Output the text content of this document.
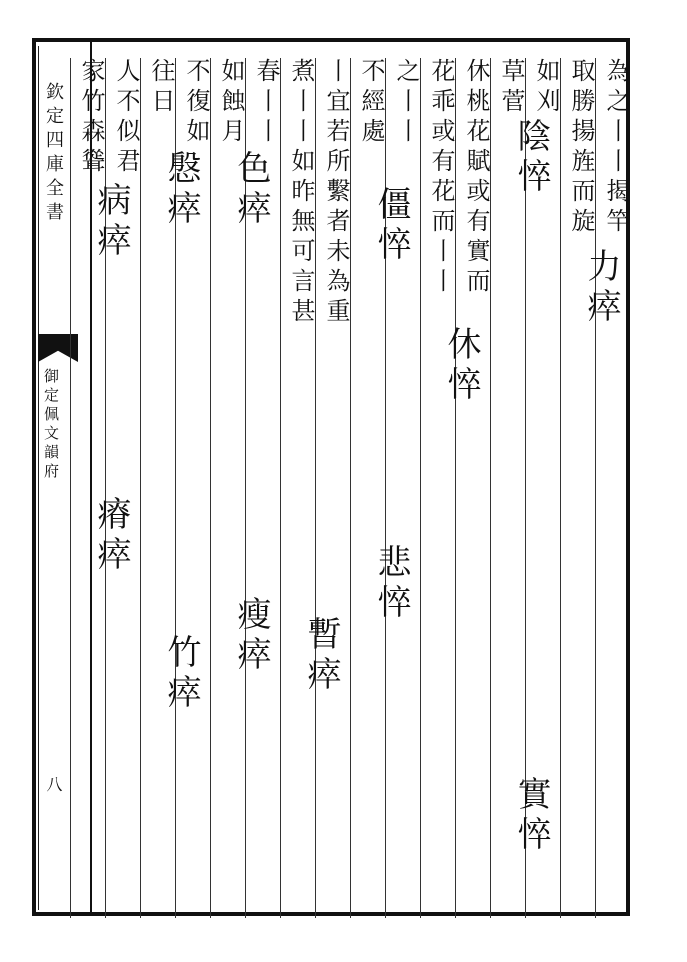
欽定四庫全書
御定佩文韻府
八
為之丨丨揭竿
取勝揚旌而旋
如刈
草菅
休桃花賦或有實而
花乖或有花而丨丨
之丨丨
不經處
丨宜若所繫者未為重
煮丨丨如昨無可言甚
春丨丨
如蝕月
不復如
往日
人不似君
家竹森聳
力瘁
陰悴
實悴
休悴
僵悴
悲悴
暫瘁
色瘁
瘦瘁
慇瘁
竹瘁
病瘁
瘠瘁
